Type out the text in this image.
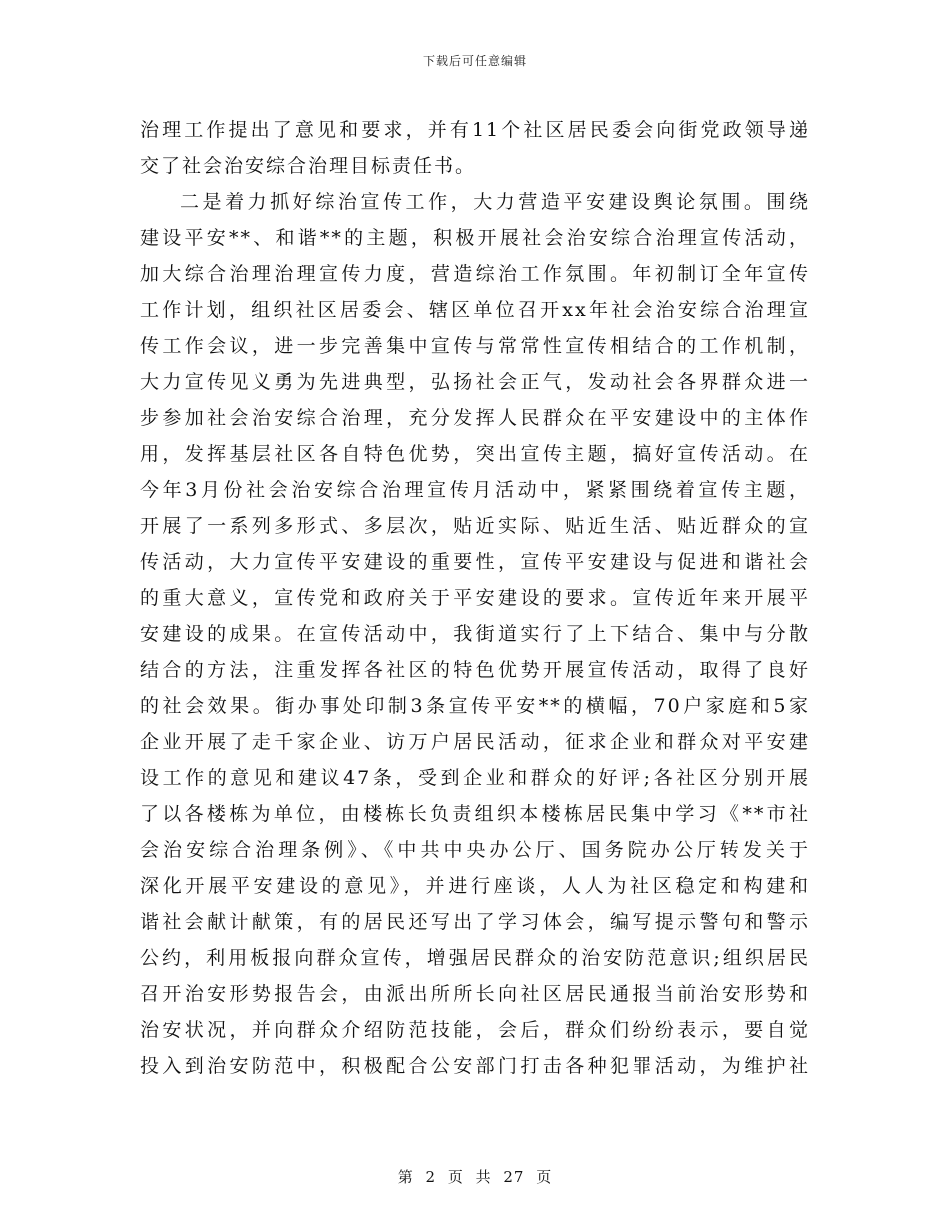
下载后可任意编辑
治理工作提出了意见和要求，并有11个社区居民委会向街党政领导递
交了社会治安综合治理目标责任书。
二是着力抓好综治宣传工作，大力营造平安建设舆论氛围。围绕
建设平安**、和谐**的主题，积极开展社会治安综合治理宣传活动，
加大综合治理治理宣传力度，营造综治工作氛围。年初制订全年宣传
工作计划，组织社区居委会、辖区单位召开xx年社会治安综合治理宣
传工作会议，进一步完善集中宣传与常常性宣传相结合的工作机制，
大力宣传见义勇为先进典型，弘扬社会正气，发动社会各界群众进一
步参加社会治安综合治理，充分发挥人民群众在平安建设中的主体作
用，发挥基层社区各自特色优势，突出宣传主题，搞好宣传活动。在
今年3月份社会治安综合治理宣传月活动中，紧紧围绕着宣传主题，
开展了一系列多形式、多层次，贴近实际、贴近生活、贴近群众的宣
传活动，大力宣传平安建设的重要性，宣传平安建设与促进和谐社会
的重大意义，宣传党和政府关于平安建设的要求。宣传近年来开展平
安建设的成果。在宣传活动中，我街道实行了上下结合、集中与分散
结合的方法，注重发挥各社区的特色优势开展宣传活动，取得了良好
的社会效果。街办事处印制3条宣传平安**的横幅，70户家庭和5家
企业开展了走千家企业、访万户居民活动，征求企业和群众对平安建
设工作的意见和建议47条，受到企业和群众的好评;各社区分别开展
了以各楼栋为单位，由楼栋长负责组织本楼栋居民集中学习《**市社
会治安综合治理条例》、《中共中央办公厅、国务院办公厅转发关于
深化开展平安建设的意见》，并进行座谈，人人为社区稳定和构建和
谐社会献计献策，有的居民还写出了学习体会，编写提示警句和警示
公约，利用板报向群众宣传，增强居民群众的治安防范意识;组织居民
召开治安形势报告会，由派出所所长向社区居民通报当前治安形势和
治安状况，并向群众介绍防范技能，会后，群众们纷纷表示，要自觉
投入到治安防范中，积极配合公安部门打击各种犯罪活动，为维护社
第 2 页 共 27 页
